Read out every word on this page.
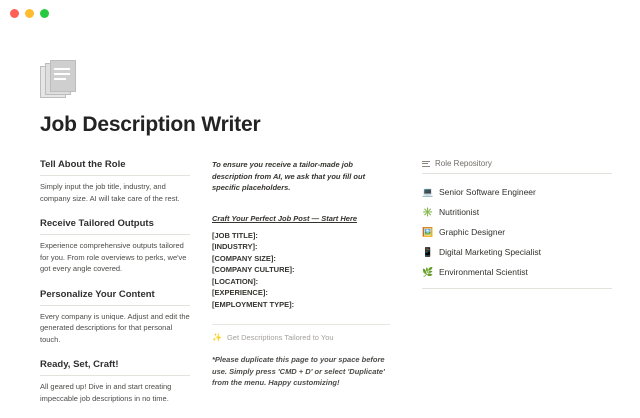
Job Description Writer
Tell About the Role

Simply input the job title, industry, and company size. AI will take care of the rest.

Receive Tailored Outputs

Experience comprehensive outputs tailored for you. From role overviews to perks, we've got every angle covered.

Personalize Your Content

Every company is unique. Adjust and edit the generated descriptions for that personal touch.

Ready, Set, Craft!

All geared up! Dive in and start creating impeccable job descriptions in no time.

To ensure you receive a tailor-made job description from AI, we ask that you fill out specific placeholders.

Craft Your Perfect Job Post — Start Here
[JOB TITLE]:
[INDUSTRY]:
[COMPANY SIZE]:
[COMPANY CULTURE]:
[LOCATION]:
[EXPERIENCE]:
[EMPLOYMENT TYPE]:
✨ Get Descriptions Tailored to You

*Please duplicate this page to your space before use. Simply press 'CMD + D' or select 'Duplicate' from the menu. Happy customizing!

Role Repository
💻 Senior Software Engineer
✳️ Nutritionist
🖼️ Graphic Designer
📱 Digital Marketing Specialist
🌿 Environmental Scientist
